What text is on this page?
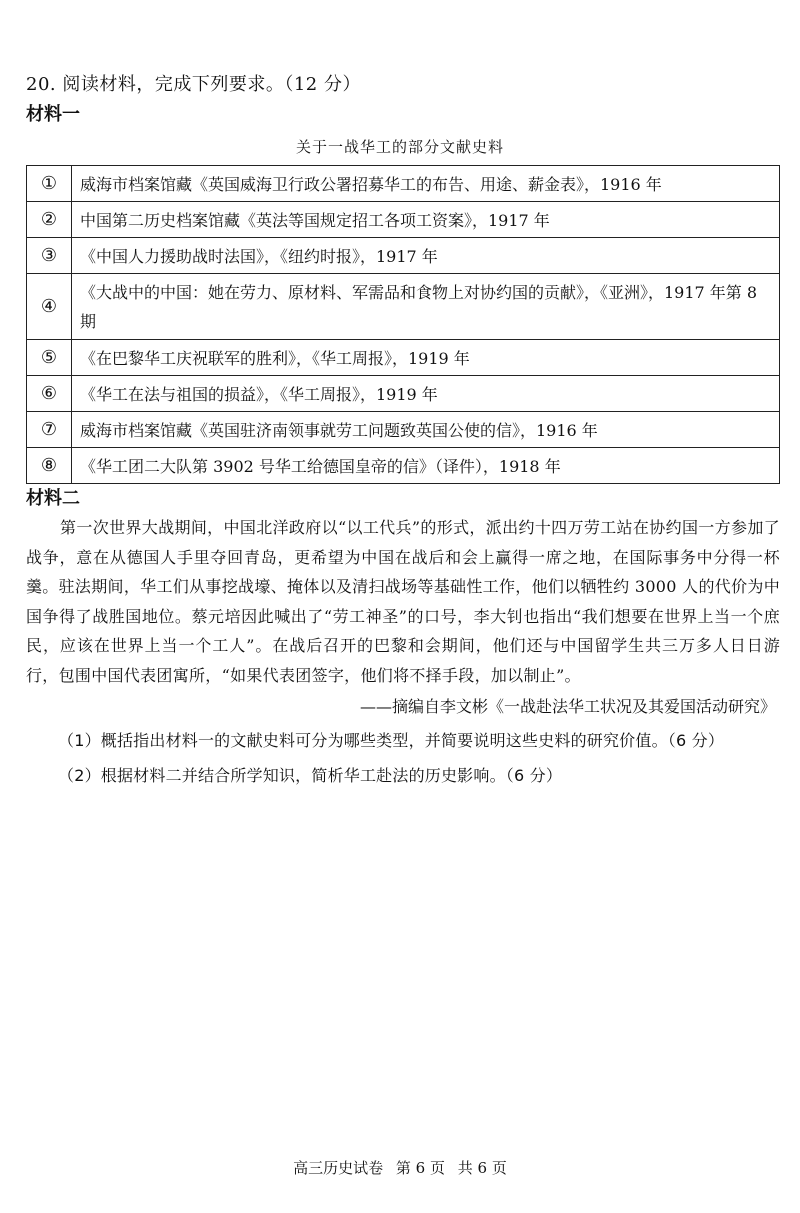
20. 阅读材料，完成下列要求。（12 分）
材料一
关于一战华工的部分文献史料
①	威海市档案馆藏《英国威海卫行政公署招募华工的布告、用途、薪金表》，1916 年
②	中国第二历史档案馆藏《英法等国规定招工各项工资案》，1917 年
③	《中国人力援助战时法国》，《纽约时报》，1917 年
④	《大战中的中国：她在劳力、原材料、军需品和食物上对协约国的贡献》，《亚洲》，1917 年第 8 期
⑤	《在巴黎华工庆祝联军的胜利》，《华工周报》，1919 年
⑥	《华工在法与祖国的损益》，《华工周报》，1919 年
⑦	威海市档案馆藏《英国驻济南领事就劳工问题致英国公使的信》，1916 年
⑧	《华工团二大队第 3902 号华工给德国皇帝的信》（译件），1918 年
材料二
第一次世界大战期间，中国北洋政府以“以工代兵”的形式，派出约十四万劳工站在协约国一方参加了战争，意在从德国人手里夺回青岛，更希望为中国在战后和会上赢得一席之地，在国际事务中分得一杯羹。驻法期间，华工们从事挖战壕、掩体以及清扫战场等基础性工作，他们以牺牲约 3000 人的代价为中国争得了战胜国地位。蔡元培因此喊出了“劳工神圣”的口号，李大钊也指出“我们想要在世界上当一个庶民，应该在世界上当一个工人”。在战后召开的巴黎和会期间，他们还与中国留学生共三万多人日日游行，包围中国代表团寓所，“如果代表团签字，他们将不择手段，加以制止”。
——摘编自李文彬《一战赴法华工状况及其爱国活动研究》
（1）概括指出材料一的文献史料可分为哪些类型，并简要说明这些史料的研究价值。（6 分）
（2）根据材料二并结合所学知识，简析华工赴法的历史影响。（6 分）
高三历史试卷 第 6 页 共 6 页
